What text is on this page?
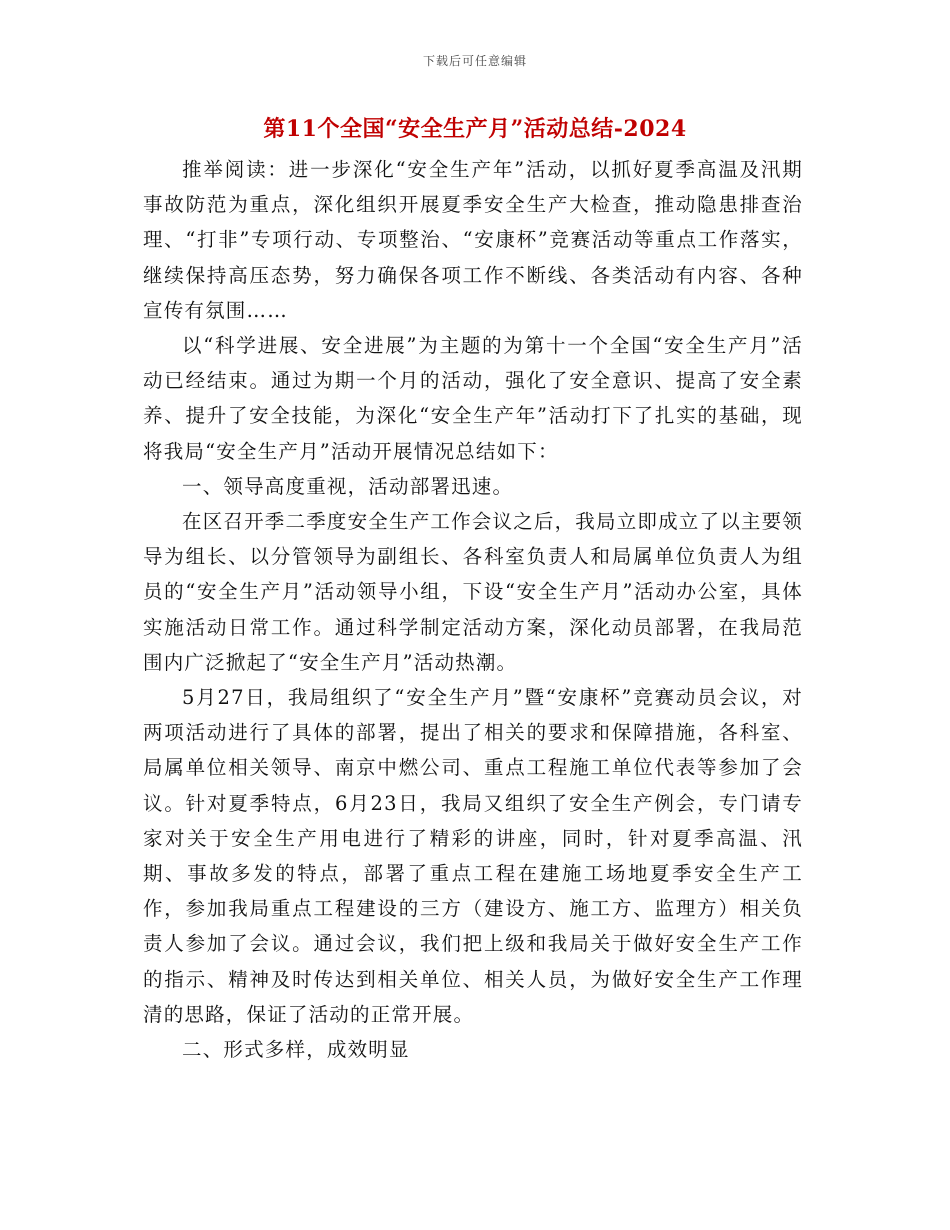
下载后可任意编辑
第11个全国“安全生产月”活动总结-2024

推举阅读：进一步深化“安全生产年”活动，以抓好夏季高温及汛期事故防范为重点，深化组织开展夏季安全生产大检查，推动隐患排查治理、“打非”专项行动、专项整治、“安康杯”竞赛活动等重点工作落实，继续保持高压态势，努力确保各项工作不断线、各类活动有内容、各种宣传有氛围……

以“科学进展、安全进展”为主题的为第十一个全国“安全生产月”活动已经结束。通过为期一个月的活动，强化了安全意识、提高了安全素养、提升了安全技能，为深化“安全生产年”活动打下了扎实的基础，现将我局“安全生产月”活动开展情况总结如下：

一、领导高度重视，活动部署迅速。

在区召开季二季度安全生产工作会议之后，我局立即成立了以主要领导为组长、以分管领导为副组长、各科室负责人和局属单位负责人为组员的“安全生产月”活动领导小组，下设“安全生产月”活动办公室，具体实施活动日常工作。通过科学制定活动方案，深化动员部署，在我局范围内广泛掀起了“安全生产月”活动热潮。

5月27日，我局组织了“安全生产月”暨“安康杯”竞赛动员会议，对两项活动进行了具体的部署，提出了相关的要求和保障措施，各科室、局属单位相关领导、南京中燃公司、重点工程施工单位代表等参加了会议。针对夏季特点，6月23日，我局又组织了安全生产例会，专门请专家对关于安全生产用电进行了精彩的讲座，同时，针对夏季高温、汛期、事故多发的特点，部署了重点工程在建施工场地夏季安全生产工作，参加我局重点工程建设的三方（建设方、施工方、监理方）相关负责人参加了会议。通过会议，我们把上级和我局关于做好安全生产工作的指示、精神及时传达到相关单位、相关人员，为做好安全生产工作理清的思路，保证了活动的正常开展。

二、形式多样，成效明显
